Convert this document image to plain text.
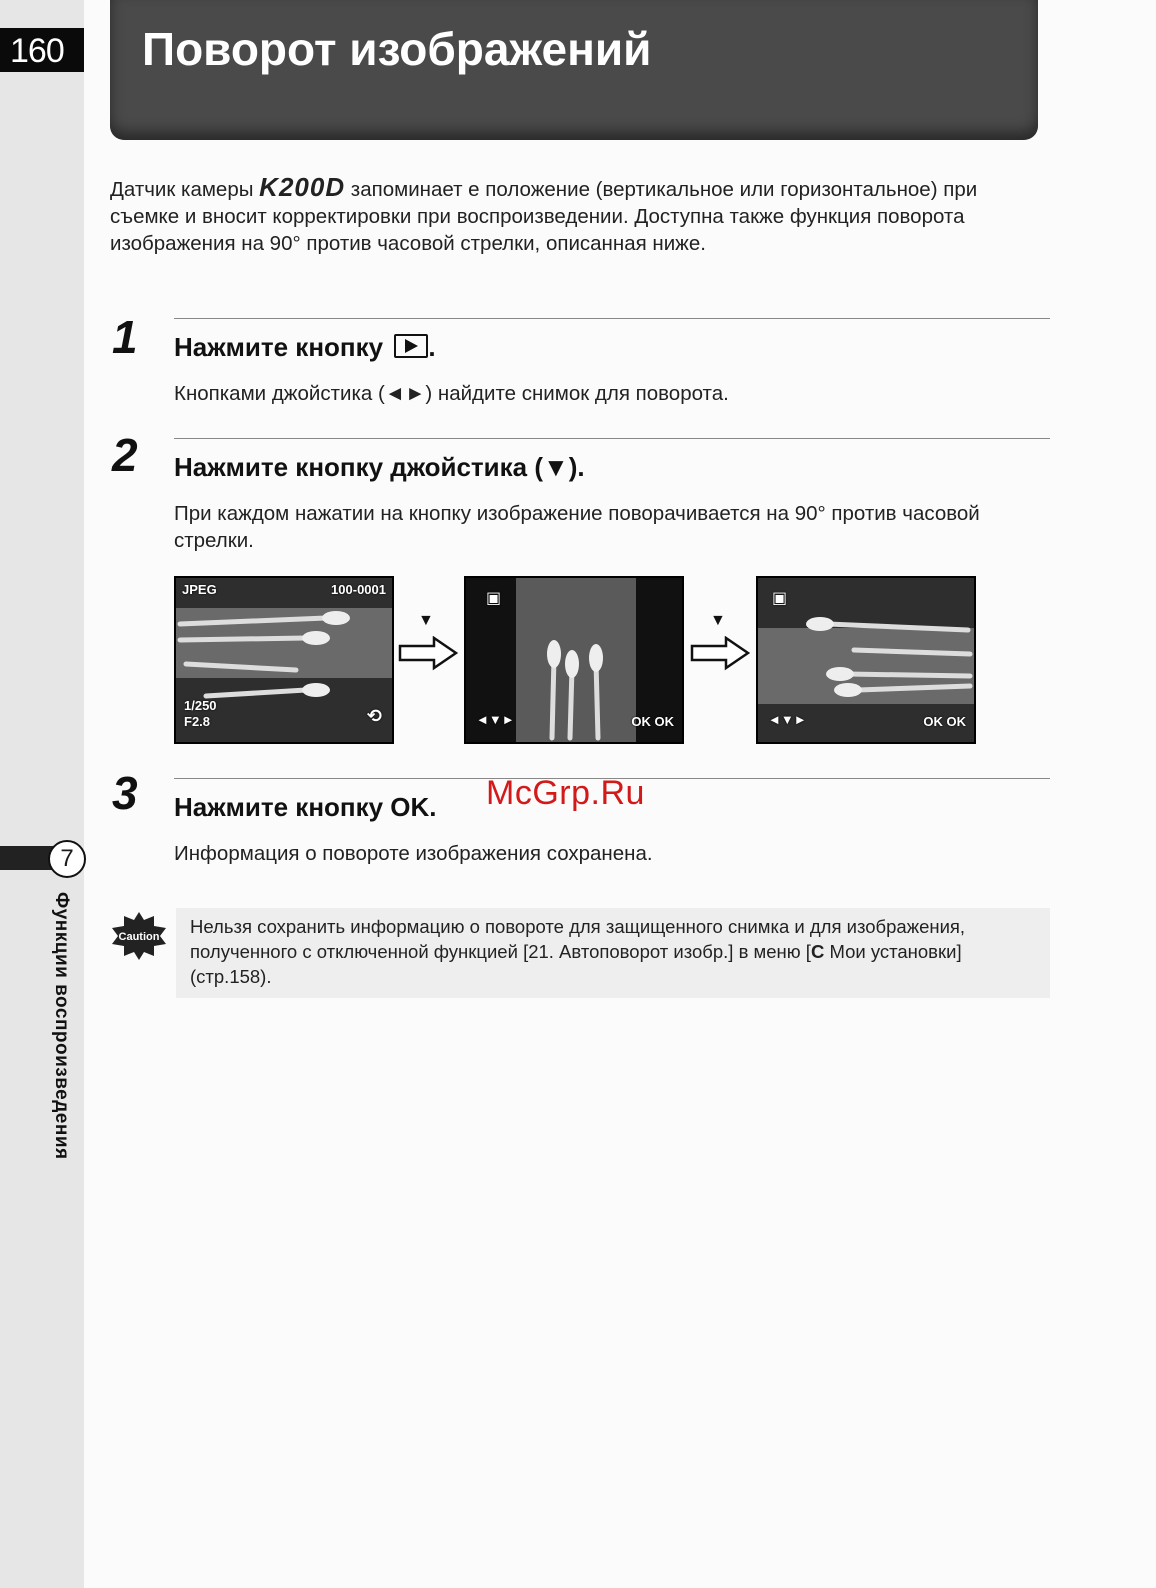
160 Поворот изображений
Датчик камеры K200D запоминает е положение (вертикальное или горизонтальное) при съемке и вносит корректировки при воспроизведении. Доступна также функция поворота изображения на 90° против часовой стрелки, описанная ниже.
1 Нажмите кнопку .
Кнопками джойстика (◄►) найдите снимок для поворота.
2 Нажмите кнопку джойстика (▼).
При каждом нажатии на кнопку изображение поворачивается на 90° против часовой стрелки.
JPEG	100-0001
1/250
F2.8	⟲
▼
▣
◄▼►	OK OK
▼
▣
◄▼►	OK OK
3 Нажмите кнопку OK.
Информация о повороте изображения сохранена.
McGrp.Ru
7
Функции воспроизведения	Caution Нельзя сохранить информацию о повороте для защищенного снимка и для изображения, полученного с отключенной функцией [21. Автоповорот изобр.] в меню [C Мои установки] (стр.158).
